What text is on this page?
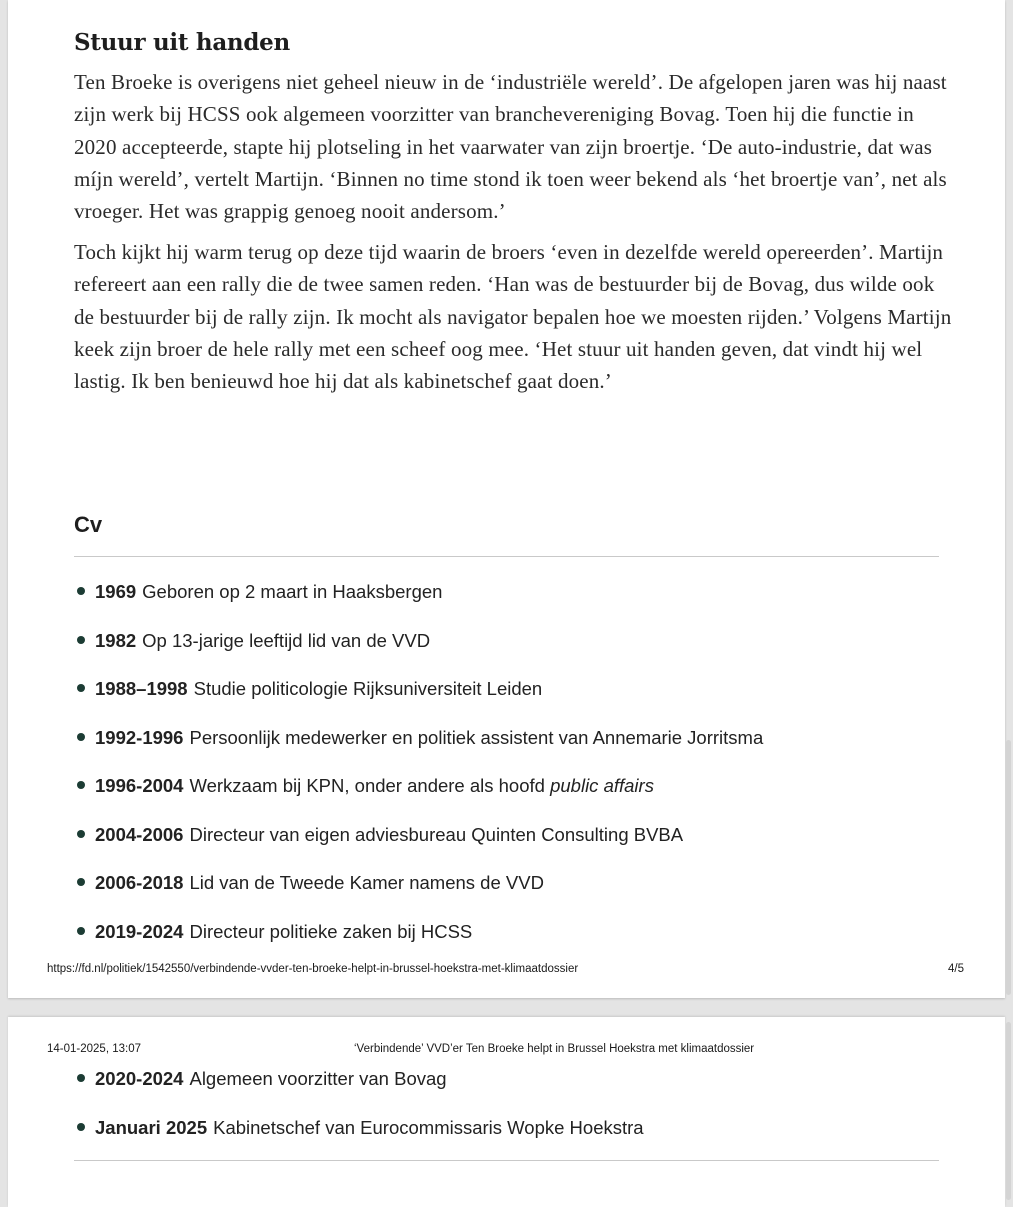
Stuur uit handen

Ten Broeke is overigens niet geheel nieuw in de ‘industriële wereld’. De afgelopen jaren was hij naast zijn werk bij HCSS ook algemeen voorzitter van branchevereniging Bovag. Toen hij die functie in 2020 accepteerde, stapte hij plotseling in het vaarwater van zijn broertje. ‘De auto-industrie, dat was míjn wereld’, vertelt Martijn. ‘Binnen no time stond ik toen weer bekend als ‘het broertje van’, net als vroeger. Het was grappig genoeg nooit andersom.’

Toch kijkt hij warm terug op deze tijd waarin de broers ‘even in dezelfde wereld opereerden’. Martijn refereert aan een rally die de twee samen reden. ‘Han was de bestuurder bij de Bovag, dus wilde ook de bestuurder bij de rally zijn. Ik mocht als navigator bepalen hoe we moesten rijden.’ Volgens Martijn keek zijn broer de hele rally met een scheef oog mee. ‘Het stuur uit handen geven, dat vindt hij wel lastig. Ik ben benieuwd hoe hij dat als kabinetschef gaat doen.’

Cv
1969 Geboren op 2 maart in Haaksbergen
1982 Op 13-jarige leeftijd lid van de VVD
1988–1998 Studie politicologie Rijksuniversiteit Leiden
1992-1996 Persoonlijk medewerker en politiek assistent van Annemarie Jorritsma
1996-2004 Werkzaam bij KPN, onder andere als hoofd public affairs
2004-2006 Directeur van eigen adviesbureau Quinten Consulting BVBA
2006-2018 Lid van de Tweede Kamer namens de VVD
2019-2024 Directeur politieke zaken bij HCSS
https://fd.nl/politiek/1542550/verbindende-vvder-ten-broeke-helpt-in-brussel-hoekstra-met-klimaatdossier	4/5
14-01-2025, 13:07	‘Verbindende’ VVD’er Ten Broeke helpt in Brussel Hoekstra met klimaatdossier
2020-2024 Algemeen voorzitter van Bovag
Januari 2025 Kabinetschef van Eurocommissaris Wopke Hoekstra
